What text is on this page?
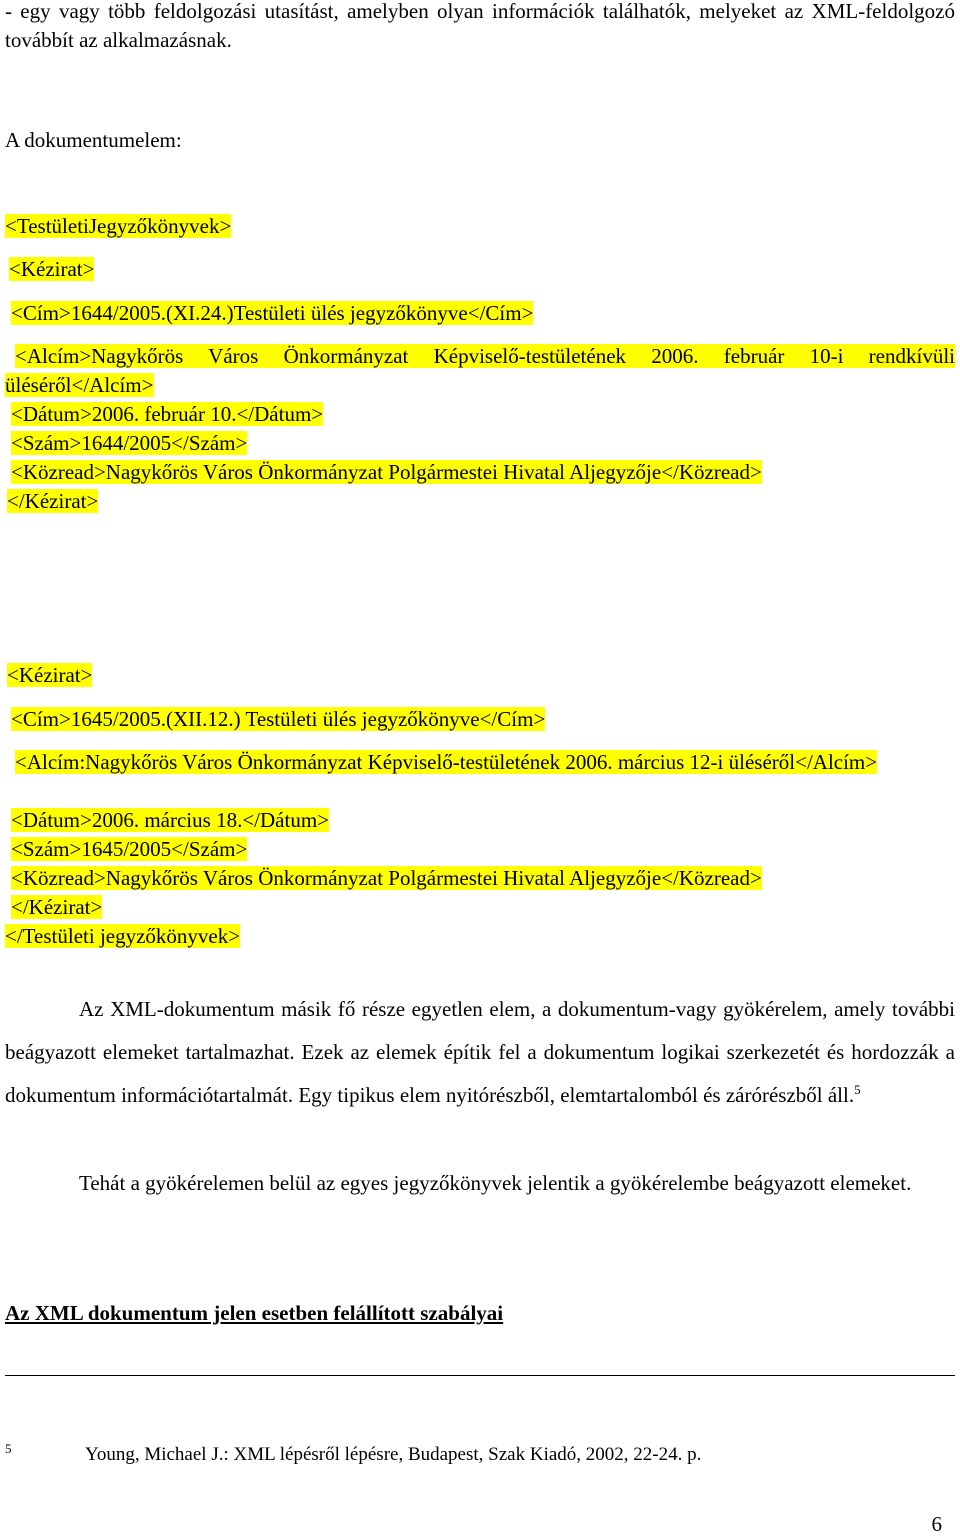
- egy vagy több feldolgozási utasítást, amelyben olyan információk találhatók, melyeket az XML-feldolgozó továbbít az alkalmazásnak.

A dokumentumelem:

<TestületiJegyzőkönyvek>

<Kézirat>

<Cím>1644/2005.(XI.24.)Testületi ülés jegyzőkönyve</Cím>

<Alcím>Nagykőrös Város Önkormányzat Képviselő-testületének 2006. február 10-i rendkívüli üléséről</Alcím>

<Dátum>2006. február 10.</Dátum>

<Szám>1644/2005</Szám>

<Közread>Nagykőrös Város Önkormányzat Polgármestei Hivatal Aljegyzője</Közread>

</Kézirat>

<Kézirat>

<Cím>1645/2005.(XII.12.) Testületi ülés jegyzőkönyve</Cím>

<Alcím:Nagykőrös Város Önkormányzat Képviselő-testületének 2006. március 12-i üléséről</Alcím>

<Dátum>2006. március 18.</Dátum>

<Szám>1645/2005</Szám>

<Közread>Nagykőrös Város Önkormányzat Polgármestei Hivatal Aljegyzője</Közread>

</Kézirat>

</Testületi jegyzőkönyvek>

Az XML-dokumentum másik fő része egyetlen elem, a dokumentum-vagy gyökérelem, amely további beágyazott elemeket tartalmazhat. Ezek az elemek építik fel a dokumentum logikai szerkezetét és hordozzák a dokumentum információtartalmát. Egy tipikus elem nyitórészből, elemtartalomból és zárórészből áll.$^5$

Tehát a gyökérelemen belül az egyes jegyzőkönyvek jelentik a gyökérelembe beágyazott elemeket.

Az XML dokumentum jelen esetben felállított szabályai

5	Young, Michael J.: XML lépésről lépésre, Budapest, Szak Kiadó, 2002, 22-24. p.
6
